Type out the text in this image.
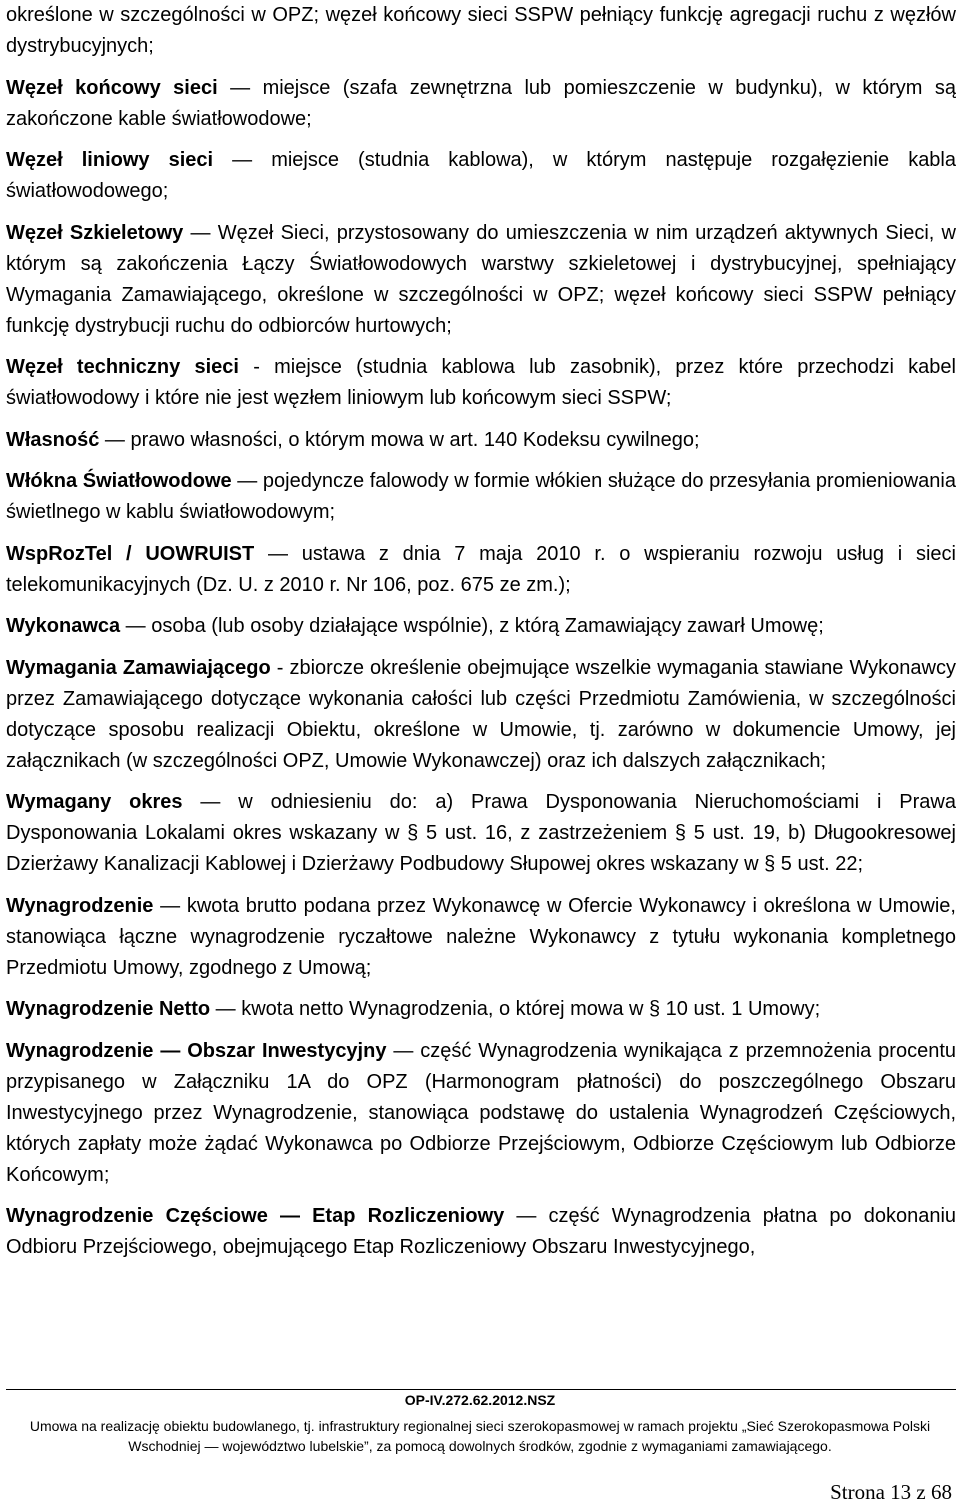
określone w szczególności w OPZ; węzeł końcowy sieci SSPW pełniący funkcję agregacji ruchu z węzłów dystrybucyjnych;

Węzeł końcowy sieci — miejsce (szafa zewnętrzna lub pomieszczenie w budynku), w którym są zakończone kable światłowodowe;

Węzeł liniowy sieci — miejsce (studnia kablowa), w którym następuje rozgałęzienie kabla światłowodowego;

Węzeł Szkieletowy — Węzeł Sieci, przystosowany do umieszczenia w nim urządzeń aktywnych Sieci, w którym są zakończenia Łączy Światłowodowych warstwy szkieletowej i dystrybucyjnej, spełniający Wymagania Zamawiającego, określone w szczególności w OPZ; węzeł końcowy sieci SSPW pełniący funkcję dystrybucji ruchu do odbiorców hurtowych;

Węzeł techniczny sieci - miejsce (studnia kablowa lub zasobnik), przez które przechodzi kabel światłowodowy i które nie jest węzłem liniowym lub końcowym sieci SSPW;

Własność — prawo własności, o którym mowa w art. 140 Kodeksu cywilnego;

Włókna Światłowodowe — pojedyncze falowody w formie włókien służące do przesyłania promieniowania świetlnego w kablu światłowodowym;

WspRozTel / UOWRUIST — ustawa z dnia 7 maja 2010 r. o wspieraniu rozwoju usług i sieci telekomunikacyjnych (Dz. U. z 2010 r. Nr 106, poz. 675 ze zm.);

Wykonawca — osoba (lub osoby działające wspólnie), z którą Zamawiający zawarł Umowę;

Wymagania Zamawiającego - zbiorcze określenie obejmujące wszelkie wymagania stawiane Wykonawcy przez Zamawiającego dotyczące wykonania całości lub części Przedmiotu Zamówienia, w szczególności dotyczące sposobu realizacji Obiektu, określone w Umowie, tj. zarówno w dokumencie Umowy, jej załącznikach (w szczególności OPZ, Umowie Wykonawczej) oraz ich dalszych załącznikach;

Wymagany okres — w odniesieniu do: a) Prawa Dysponowania Nieruchomościami i Prawa Dysponowania Lokalami okres wskazany w § 5 ust. 16, z zastrzeżeniem § 5 ust. 19, b) Długookresowej Dzierżawy Kanalizacji Kablowej i Dzierżawy Podbudowy Słupowej okres wskazany w § 5 ust. 22;

Wynagrodzenie — kwota brutto podana przez Wykonawcę w Ofercie Wykonawcy i określona w Umowie, stanowiąca łączne wynagrodzenie ryczałtowe należne Wykonawcy z tytułu wykonania kompletnego Przedmiotu Umowy, zgodnego z Umową;

Wynagrodzenie Netto — kwota netto Wynagrodzenia, o której mowa w § 10 ust. 1 Umowy;

Wynagrodzenie — Obszar Inwestycyjny — część Wynagrodzenia wynikająca z przemnożenia procentu przypisanego w Załączniku 1A do OPZ (Harmonogram płatności) do poszczególnego Obszaru Inwestycyjnego przez Wynagrodzenie, stanowiąca podstawę do ustalenia Wynagrodzeń Częściowych, których zapłaty może żądać Wykonawca po Odbiorze Przejściowym, Odbiorze Częściowym lub Odbiorze Końcowym;

Wynagrodzenie Częściowe — Etap Rozliczeniowy — część Wynagrodzenia płatna po dokonaniu Odbioru Przejściowego, obejmującego Etap Rozliczeniowy Obszaru Inwestycyjnego,

OP-IV.272.62.2012.NSZ
Umowa na realizację obiektu budowlanego, tj. infrastruktury regionalnej sieci szerokopasmowej w ramach projektu „Sieć Szerokopasmowa Polski Wschodniej — województwo lubelskie”, za pomocą dowolnych środków, zgodnie z wymaganiami zamawiającego.
Strona 13 z 68
